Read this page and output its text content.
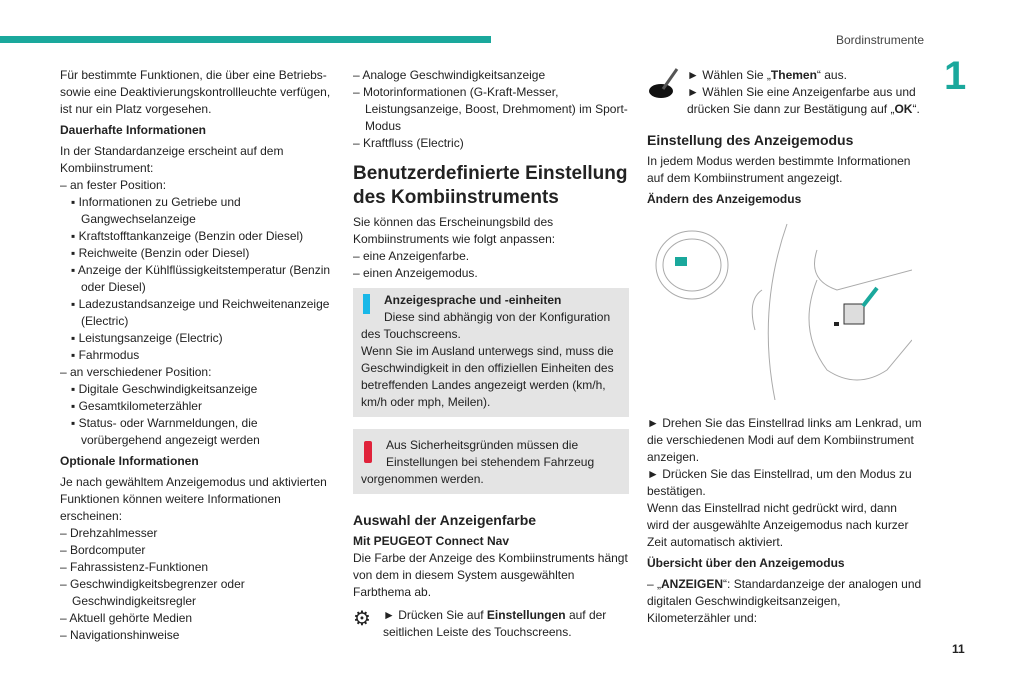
Bordinstrumente
1
11

Für bestimmte Funktionen, die über eine Betriebs- sowie eine Deaktivierungskontrollleuchte verfügen, ist nur ein Platz vorgesehen.

Dauerhafte Informationen

In der Standardanzeige erscheint auf dem Kombiinstrument:

– an fester Position:

▪ Informationen zu Getriebe und Gangwechselanzeige

▪ Kraftstofftankanzeige (Benzin oder Diesel)

▪ Reichweite (Benzin oder Diesel)

▪ Anzeige der Kühlflüssigkeitstemperatur (Benzin oder Diesel)

▪ Ladezustandsanzeige und Reichweitenanzeige (Electric)

▪ Leistungsanzeige (Electric)

▪ Fahrmodus

– an verschiedener Position:

▪ Digitale Geschwindigkeitsanzeige

▪ Gesamtkilometerzähler

▪ Status- oder Warnmeldungen, die vorübergehend angezeigt werden

Optionale Informationen

Je nach gewähltem Anzeigemodus und aktivierten Funktionen können weitere Informationen erscheinen:

– Drehzahlmesser

– Bordcomputer

– Fahrassistenz-Funktionen

– Geschwindigkeitsbegrenzer oder Geschwindigkeitsregler

– Aktuell gehörte Medien

– Navigationshinweise

– Analoge Geschwindigkeitsanzeige

– Motorinformationen (G-Kraft-Messer, Leistungsanzeige, Boost, Drehmoment) im Sport-Modus

– Kraftfluss (Electric)

Benutzerdefinierte Einstellung des Kombiinstruments

Sie können das Erscheinungsbild des Kombiinstruments wie folgt anpassen:

– eine Anzeigenfarbe.

– einen Anzeigemodus.

Anzeigesprache und -einheiten

Diese sind abhängig von der Konfiguration des Touchscreens.

Wenn Sie im Ausland unterwegs sind, muss die Geschwindigkeit in den offiziellen Einheiten des betreffenden Landes angezeigt werden (km/h, km/h oder mph, Meilen).

Aus Sicherheitsgründen müssen die Einstellungen bei stehendem Fahrzeug vorgenommen werden.

Auswahl der Anzeigenfarbe

Mit PEUGEOT Connect Nav

Die Farbe der Anzeige des Kombiinstruments hängt von dem in diesem System ausgewählten Farbthema ab.

⚙	► Drücken Sie auf Einstellungen auf der seitlichen Leiste des Touchscreens.

► Wählen Sie „Themen“ aus.

► Wählen Sie eine Anzeigenfarbe aus und drücken Sie dann zur Bestätigung auf „OK“.

Einstellung des Anzeigemodus

In jedem Modus werden bestimmte Informationen auf dem Kombiinstrument angezeigt.

Ändern des Anzeigemodus

► Drehen Sie das Einstellrad links am Lenkrad, um die verschiedenen Modi auf dem Kombiinstrument anzeigen.

► Drücken Sie das Einstellrad, um den Modus zu bestätigen.

Wenn das Einstellrad nicht gedrückt wird, dann wird der ausgewählte Anzeigemodus nach kurzer Zeit automatisch aktiviert.

Übersicht über den Anzeigemodus

– „ANZEIGEN“: Standardanzeige der analogen und digitalen Geschwindigkeitsanzeigen, Kilometerzähler und:
